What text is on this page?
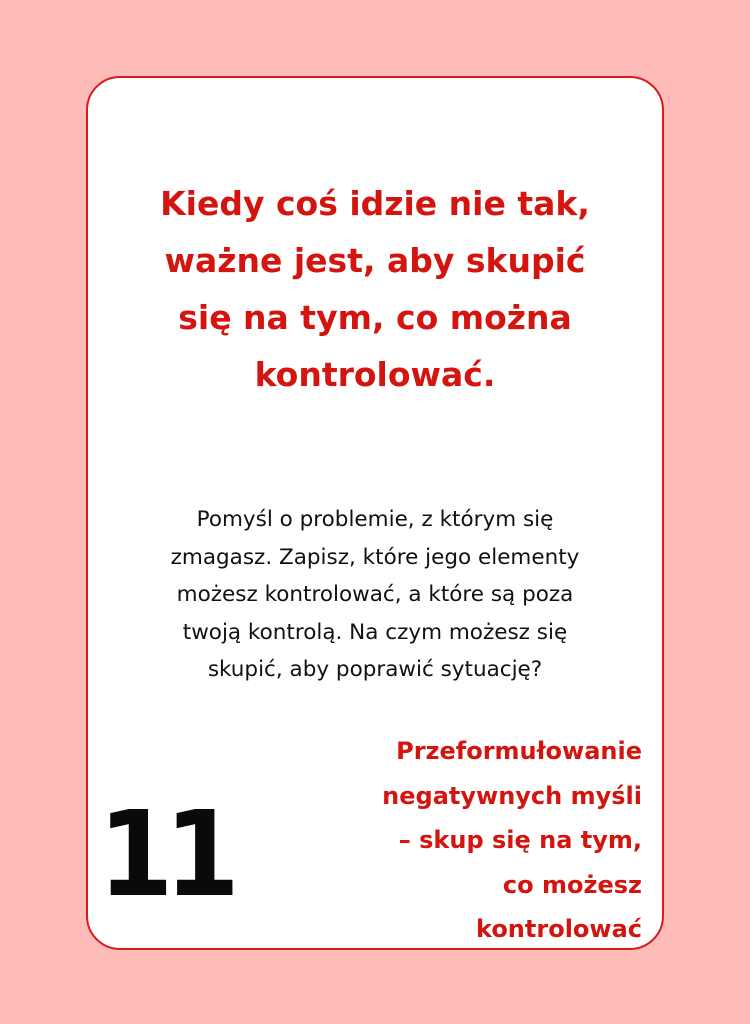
Kiedy coś idzie nie tak,
ważne jest, aby skupić
się na tym, co można
kontrolować.
Pomyśl o problemie, z którym się
zmagasz. Zapisz, które jego elementy
możesz kontrolować, a które są poza
twoją kontrolą. Na czym możesz się
skupić, aby poprawić sytuację?
11
Przeformułowanie
negatywnych myśli
– skup się na tym,
co możesz
kontrolować
